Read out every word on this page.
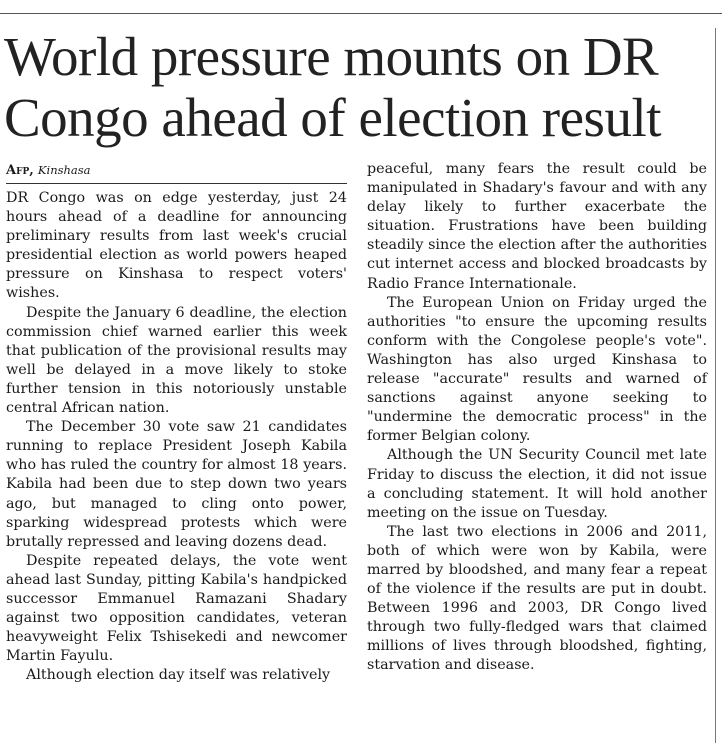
World pressure mounts on DR Congo ahead of election result
Afp, Kinshasa

DR Congo was on edge yesterday, just 24 hours ahead of a deadline for announcing preliminary results from last week's crucial presidential election as world powers heaped pressure on Kinshasa to respect voters' wishes.

Despite the January 6 deadline, the election commission chief warned earlier this week that publication of the provisional results may well be delayed in a move likely to stoke further tension in this notoriously unstable central African nation.

The December 30 vote saw 21 candidates running to replace President Joseph Kabila who has ruled the country for almost 18 years. Kabila had been due to step down two years ago, but managed to cling onto power, sparking widespread protests which were brutally repressed and leaving dozens dead.

Despite repeated delays, the vote went ahead last Sunday, pitting Kabila's handpicked successor Emmanuel Ramazani Shadary against two opposition candidates, veteran heavyweight Felix Tshisekedi and newcomer Martin Fayulu.

Although election day itself was relatively

peaceful, many fears the result could be manipulated in Shadary's favour and with any delay likely to further exacerbate the situation. Frustrations have been building steadily since the election after the authorities cut internet access and blocked broadcasts by Radio France Internationale.

The European Union on Friday urged the authorities "to ensure the upcoming results conform with the Congolese people's vote". Washington has also urged Kinshasa to release "accurate" results and warned of sanctions against anyone seeking to "undermine the democratic process" in the former Belgian colony.

Although the UN Security Council met late Friday to discuss the election, it did not issue a concluding statement. It will hold another meeting on the issue on Tuesday.

The last two elections in 2006 and 2011, both of which were won by Kabila, were marred by bloodshed, and many fear a repeat of the violence if the results are put in doubt. Between 1996 and 2003, DR Congo lived through two fully-fledged wars that claimed millions of lives through bloodshed, fighting, starvation and disease.
